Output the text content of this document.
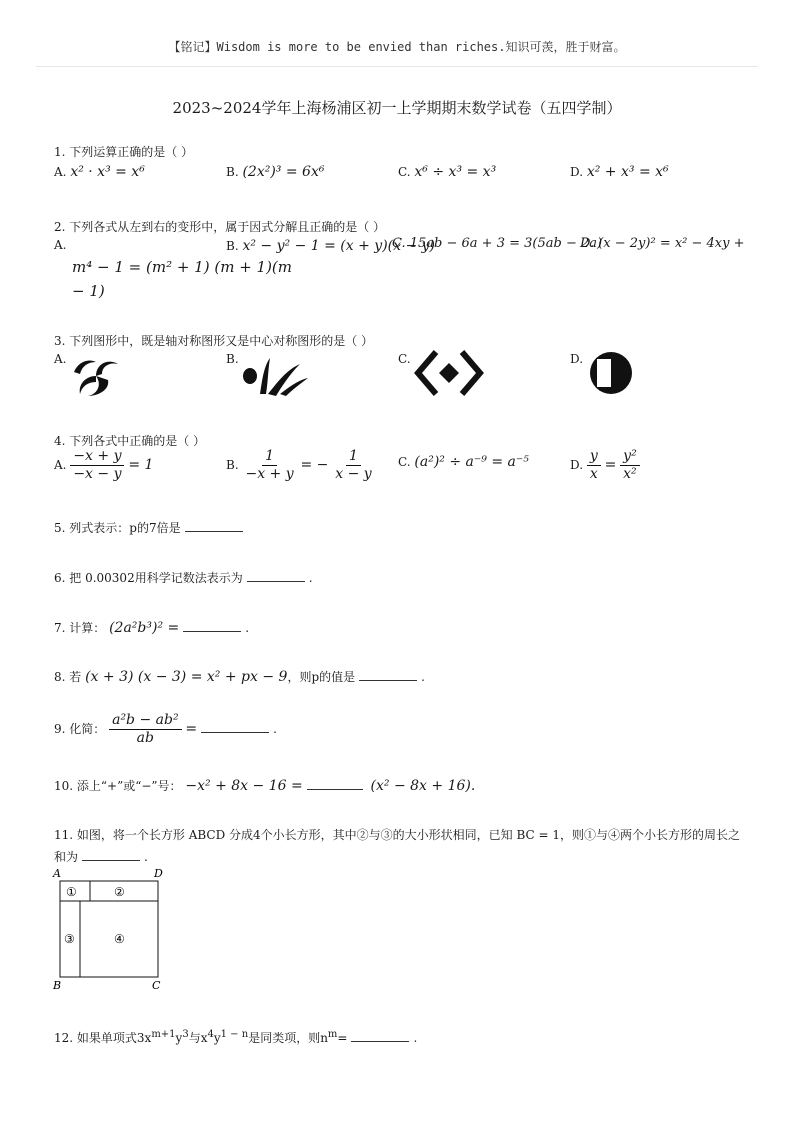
【铭记】Wisdom is more to be envied than riches.知识可羡，胜于财富。
2023~2024学年上海杨浦区初一上学期期末数学试卷（五四学制）
1. 下列运算正确的是（ ）
A. x² · x³ = x⁶	B. (2x²)³ = 6x⁶	C. x⁶ ÷ x³ = x³	D. x² + x³ = x⁶
2. 下列各式从左到右的变形中，属于因式分解且正确的是（ ）
A.	B. x² − y² − 1 = (x + y)(x − y)
C. 15ab − 6a + 3 = 3(5ab − 2a)
D. (x − 2y)² = x² − 4xy +
m⁴ − 1 = (m² + 1) (m + 1)(m
− 1)
3. 下列图形中，既是轴对称图形又是中心对称图形的是（ ）
A.	B.	C.	D.
4. 下列各式中正确的是（ ）
A. $\frac{-x + y}{-x - y} = 1$	B. $\frac{1}{-x + y}$ = − $\frac{1}{x - y} C$. (a²)² ÷ a⁻⁹ = a⁻⁵	D. $\frac{y}{x} = \frac{\text{y²}}{\text{x²}}$
5. 列式表示：p的7倍是
6. 把 0.00302用科学记数法表示为	.
7. 计算： (2a²b³)² =	.
8. 若 (x + 3) (x − 3) = x² + px − 9，则p的值是	.
9. 化简： $\frac{\text{a²b − ab²}}{ab}$ =	.
10. 添上“+”或“−”号： −x² + 8x − 16 =	(x² − 8x + 16).
11. 如图，将一个长方形 ABCD 分成4个小长方形，其中②与③的大小形状相同，已知 BC = 1，则①与④两个小长方形的周长之
和为	.
A	D
B	C
①	②
③	④
12. 如果单项式$3x^{m+1}y^3$与$x^4y^{1 - n}$是同类项，则$n^m=$	.
